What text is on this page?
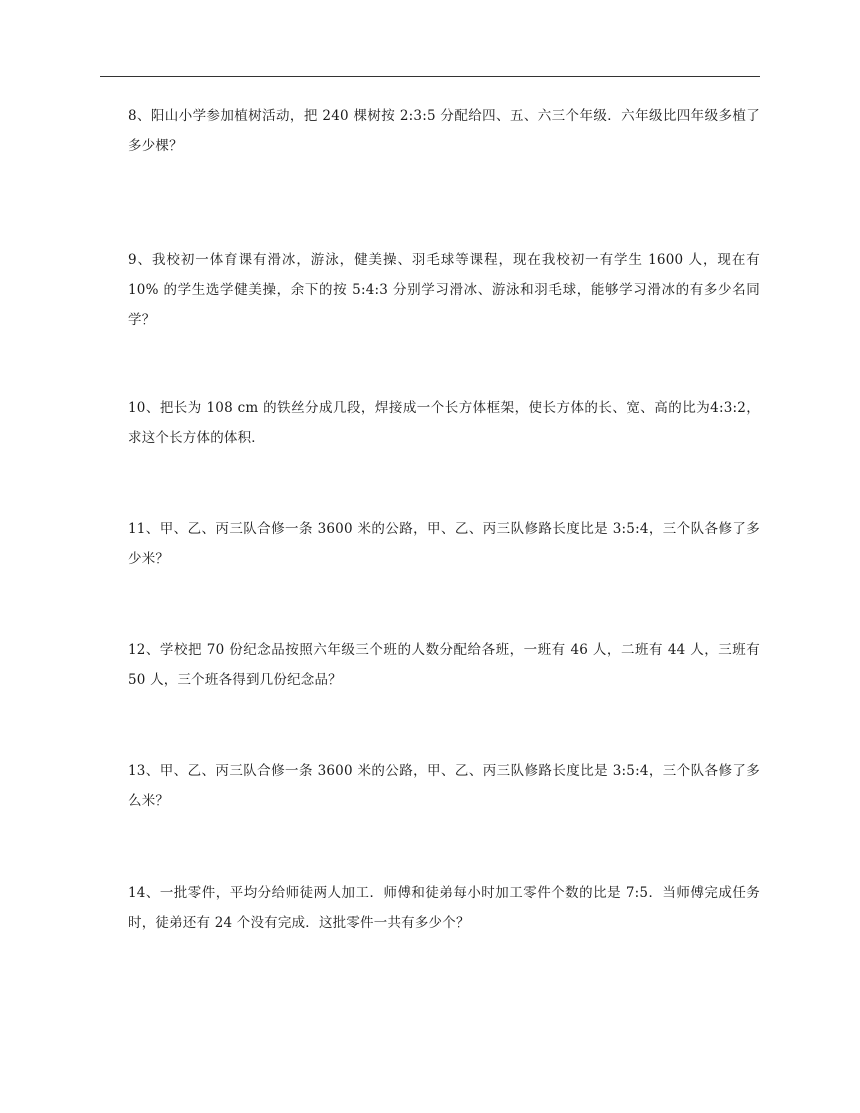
8、阳山小学参加植树活动，把 240 棵树按 2:3:5 分配给四、五、六三个年级．六年级比四年级多植了多少棵？

9、我校初一体育课有滑冰，游泳，健美操、羽毛球等课程，现在我校初一有学生 1600 人，现在有 10% 的学生选学健美操，余下的按 5:4:3 分别学习滑冰、游泳和羽毛球，能够学习滑冰的有多少名同学？

10、把长为 108 cm 的铁丝分成几段，焊接成一个长方体框架，使长方体的长、宽、高的比为4:3:2，求这个长方体的体积．

11、甲、乙、丙三队合修一条 3600 米的公路，甲、乙、丙三队修路长度比是 3:5:4，三个队各修了多少米？

12、学校把 70 份纪念品按照六年级三个班的人数分配给各班，一班有 46 人，二班有 44 人，三班有 50 人，三个班各得到几份纪念品？

13、甲、乙、丙三队合修一条 3600 米的公路，甲、乙、丙三队修路长度比是 3:5:4，三个队各修了多么米？

14、一批零件，平均分给师徒两人加工．师傅和徒弟每小时加工零件个数的比是 7:5．当师傅完成任务时，徒弟还有 24 个没有完成．这批零件一共有多少个？
